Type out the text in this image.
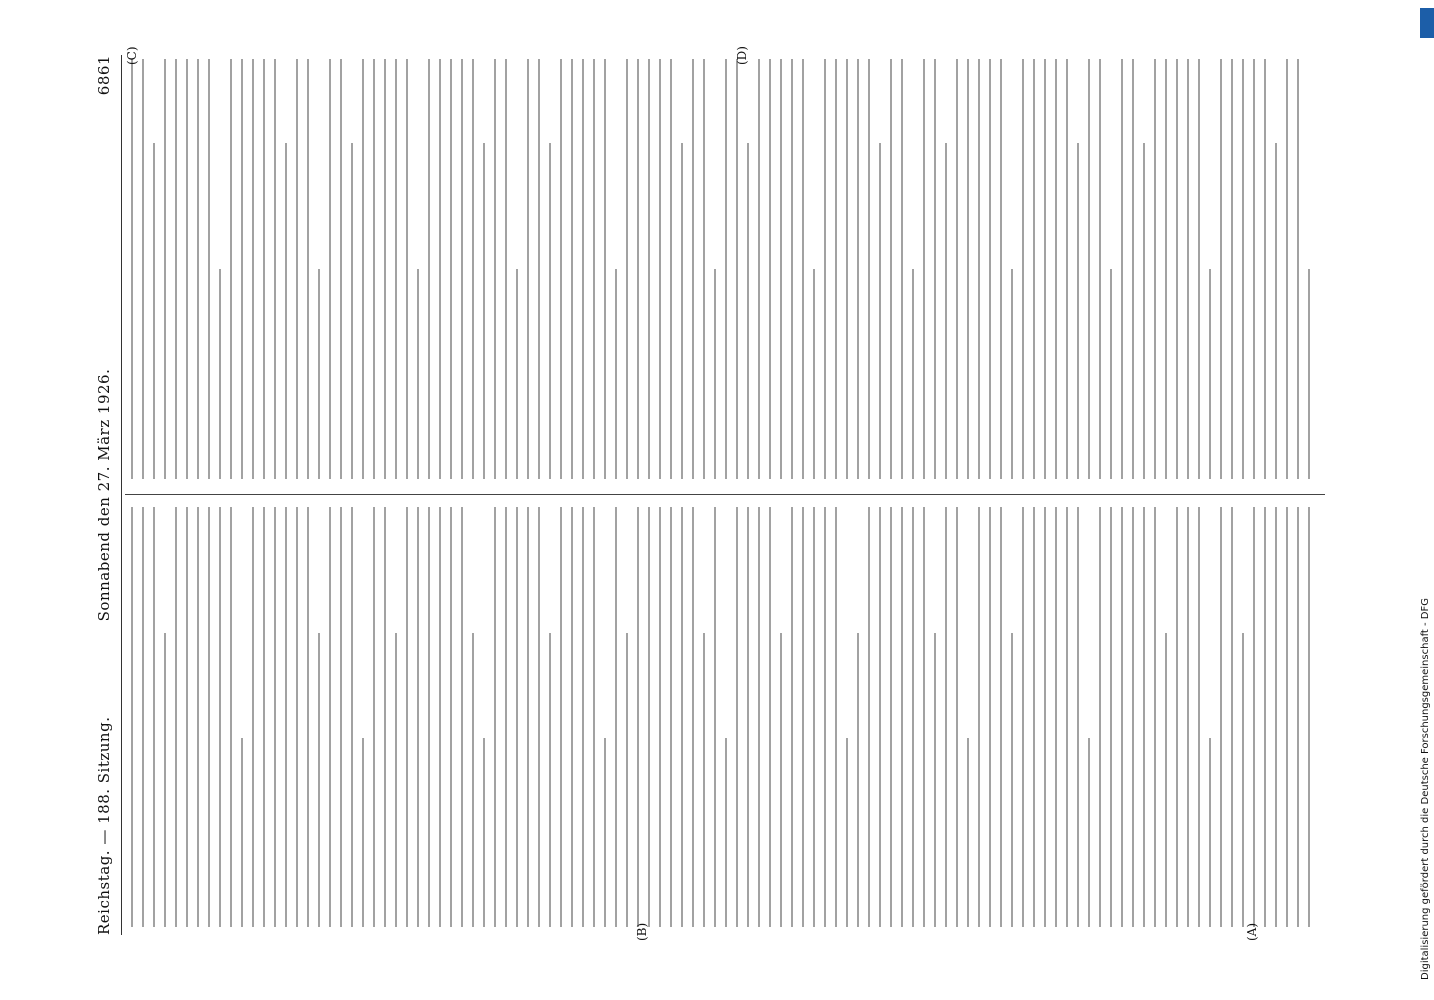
Reichstag. — 188. Sitzung.
Sonnabend den 27. März 1926.
6861
(A)
(B)
(C)	(D)
Digitalisierung gefördert durch die Deutsche Forschungsgemeinschaft - DFG
